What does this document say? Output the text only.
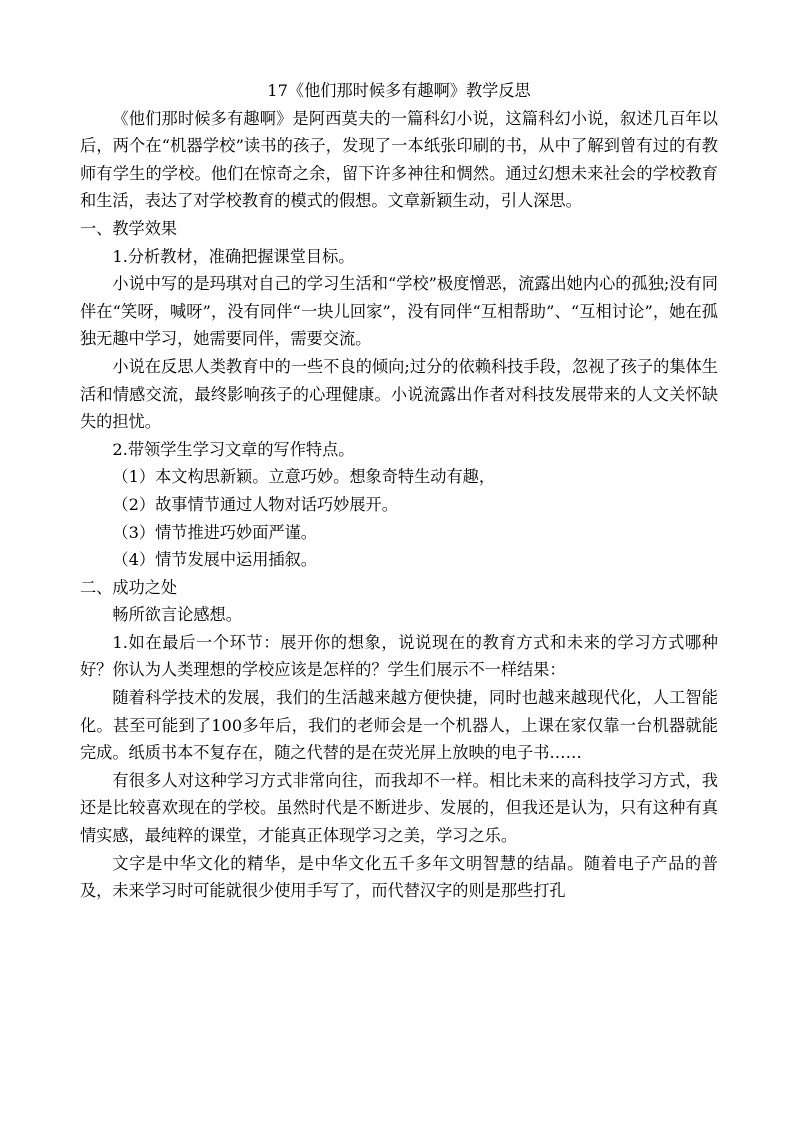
17《他们那时候多有趣啊》教学反思

《他们那时候多有趣啊》是阿西莫夫的一篇科幻小说，这篇科幻小说，叙述几百年以后，两个在“机器学校”读书的孩子，发现了一本纸张印刷的书，从中了解到曾有过的有教师有学生的学校。他们在惊奇之余，留下许多神往和惆然。通过幻想未来社会的学校教育和生活，表达了对学校教育的模式的假想。文章新颖生动，引人深思。

一、教学效果

1.分析教材，准确把握课堂目标。

小说中写的是玛琪对自己的学习生活和“学校”极度憎恶，流露出她内心的孤独;没有同伴在“笑呀，喊呀”，没有同伴“一块儿回家”，没有同伴“互相帮助”、“互相讨论”，她在孤独无趣中学习，她需要同伴，需要交流。

小说在反思人类教育中的一些不良的倾向;过分的依赖科技手段，忽视了孩子的集体生活和情感交流，最终影响孩子的心理健康。小说流露出作者对科技发展带来的人文关怀缺失的担忧。

2.带领学生学习文章的写作特点。

（1）本文构思新颖。立意巧妙。想象奇特生动有趣，

（2）故事情节通过人物对话巧妙展开。

（3）情节推进巧妙面严谨。

（4）情节发展中运用插叙。

二、成功之处

畅所欲言论感想。

1.如在最后一个环节：展开你的想象，说说现在的教育方式和未来的学习方式哪种好？你认为人类理想的学校应该是怎样的？学生们展示不一样结果：

随着科学技术的发展，我们的生活越来越方便快捷，同时也越来越现代化，人工智能化。甚至可能到了100多年后，我们的老师会是一个机器人，上课在家仅靠一台机器就能完成。纸质书本不复存在，随之代替的是在荧光屏上放映的电子书……

有很多人对这种学习方式非常向往，而我却不一样。相比未来的高科技学习方式，我还是比较喜欢现在的学校。虽然时代是不断进步、发展的，但我还是认为，只有这种有真情实感，最纯粹的课堂，才能真正体现学习之美，学习之乐。

文字是中华文化的精华，是中华文化五千多年文明智慧的结晶。随着电子产品的普及，未来学习时可能就很少使用手写了，而代替汉字的则是那些打孔
